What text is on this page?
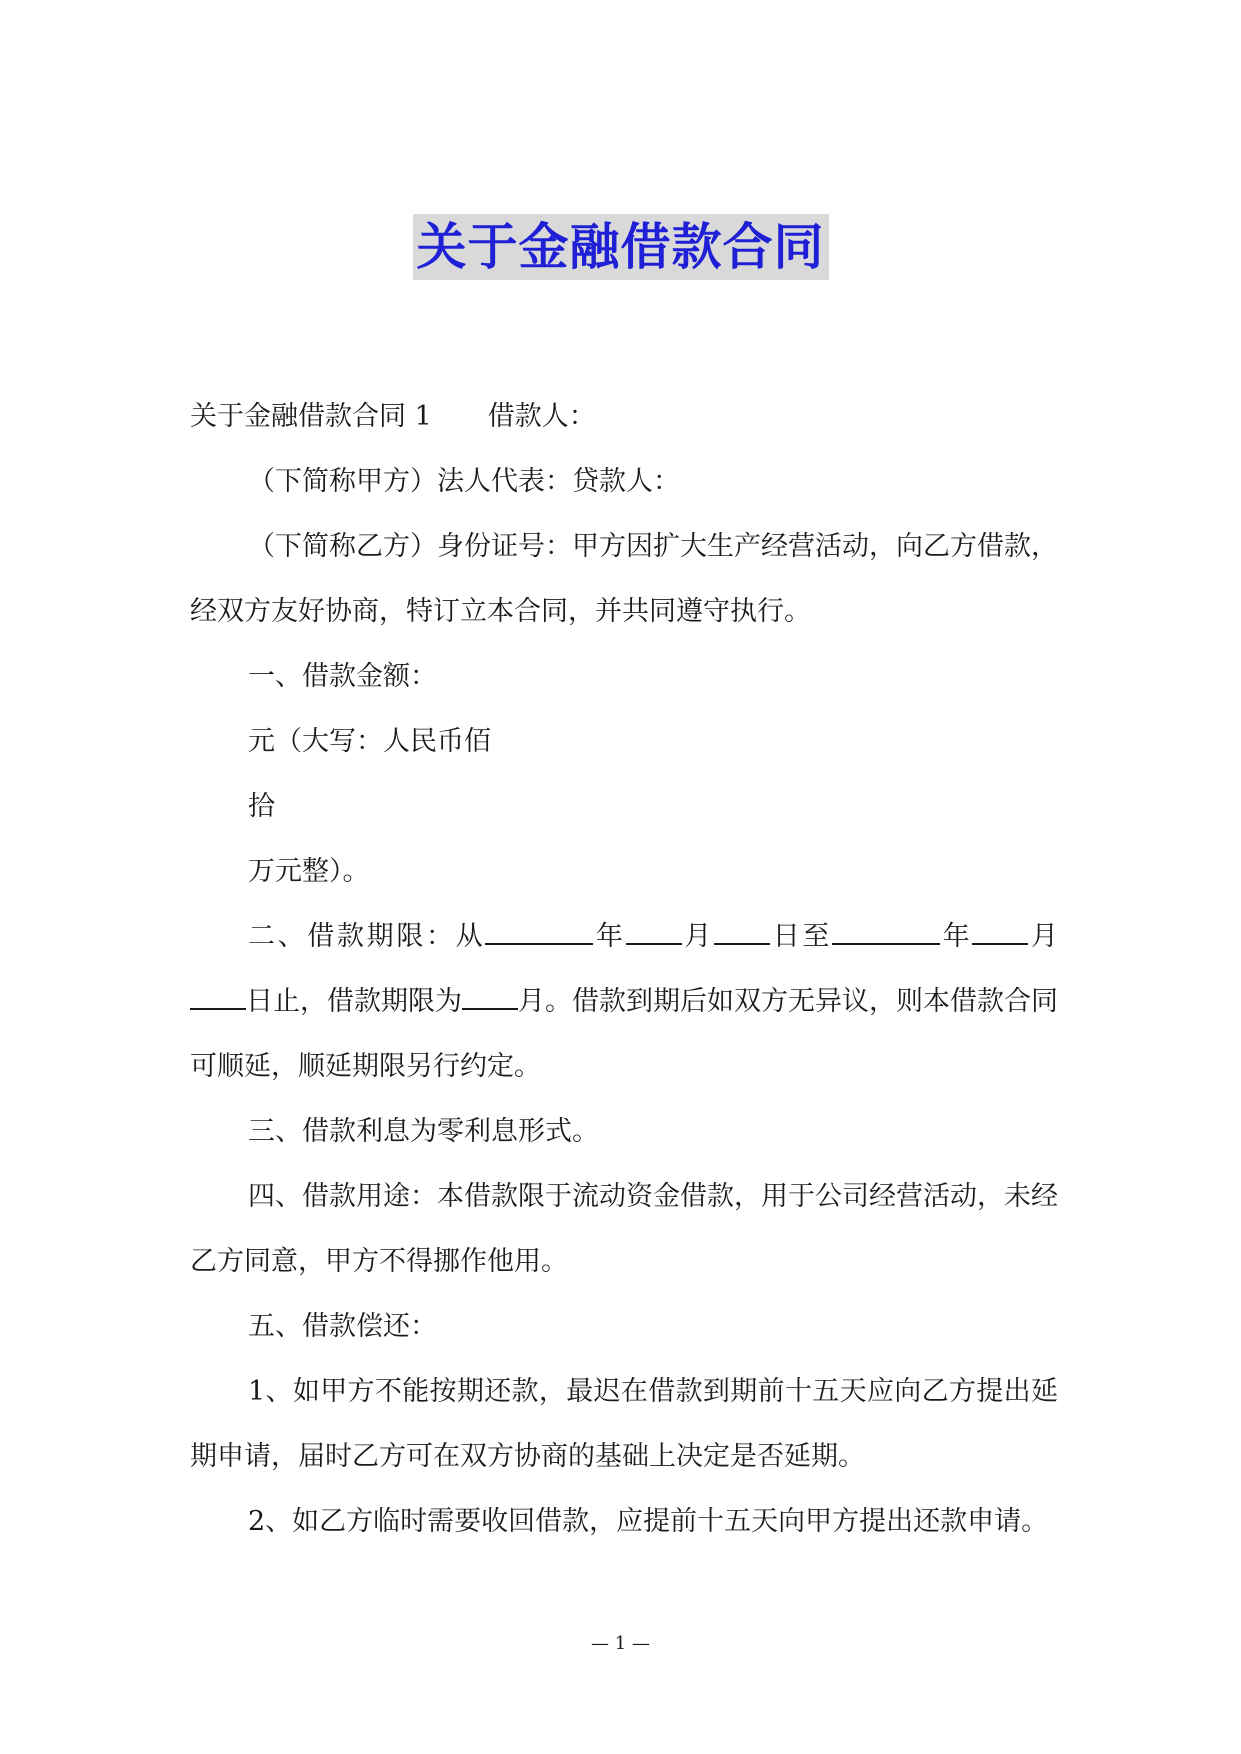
关于金融借款合同

关于金融借款合同 1 借款人：

（下简称甲方）法人代表：贷款人：

（下简称乙方）身份证号：甲方因扩大生产经营活动，向乙方借款，经双方友好协商，特订立本合同，并共同遵守执行。

一、借款金额：

元（大写：人民币佰

拾

万元整）。

二、借款期限：从	年 月 日至	年 月日止，借款期限为 月。借款到期后如双方无异议，则本借款合同可顺延，顺延期限另行约定。

三、借款利息为零利息形式。

四、借款用途：本借款限于流动资金借款，用于公司经营活动，未经乙方同意，甲方不得挪作他用。

五、借款偿还：

1、如甲方不能按期还款，最迟在借款到期前十五天应向乙方提出延期申请，届时乙方可在双方协商的基础上决定是否延期。

2、如乙方临时需要收回借款，应提前十五天向甲方提出还款申请。

— 1 —
